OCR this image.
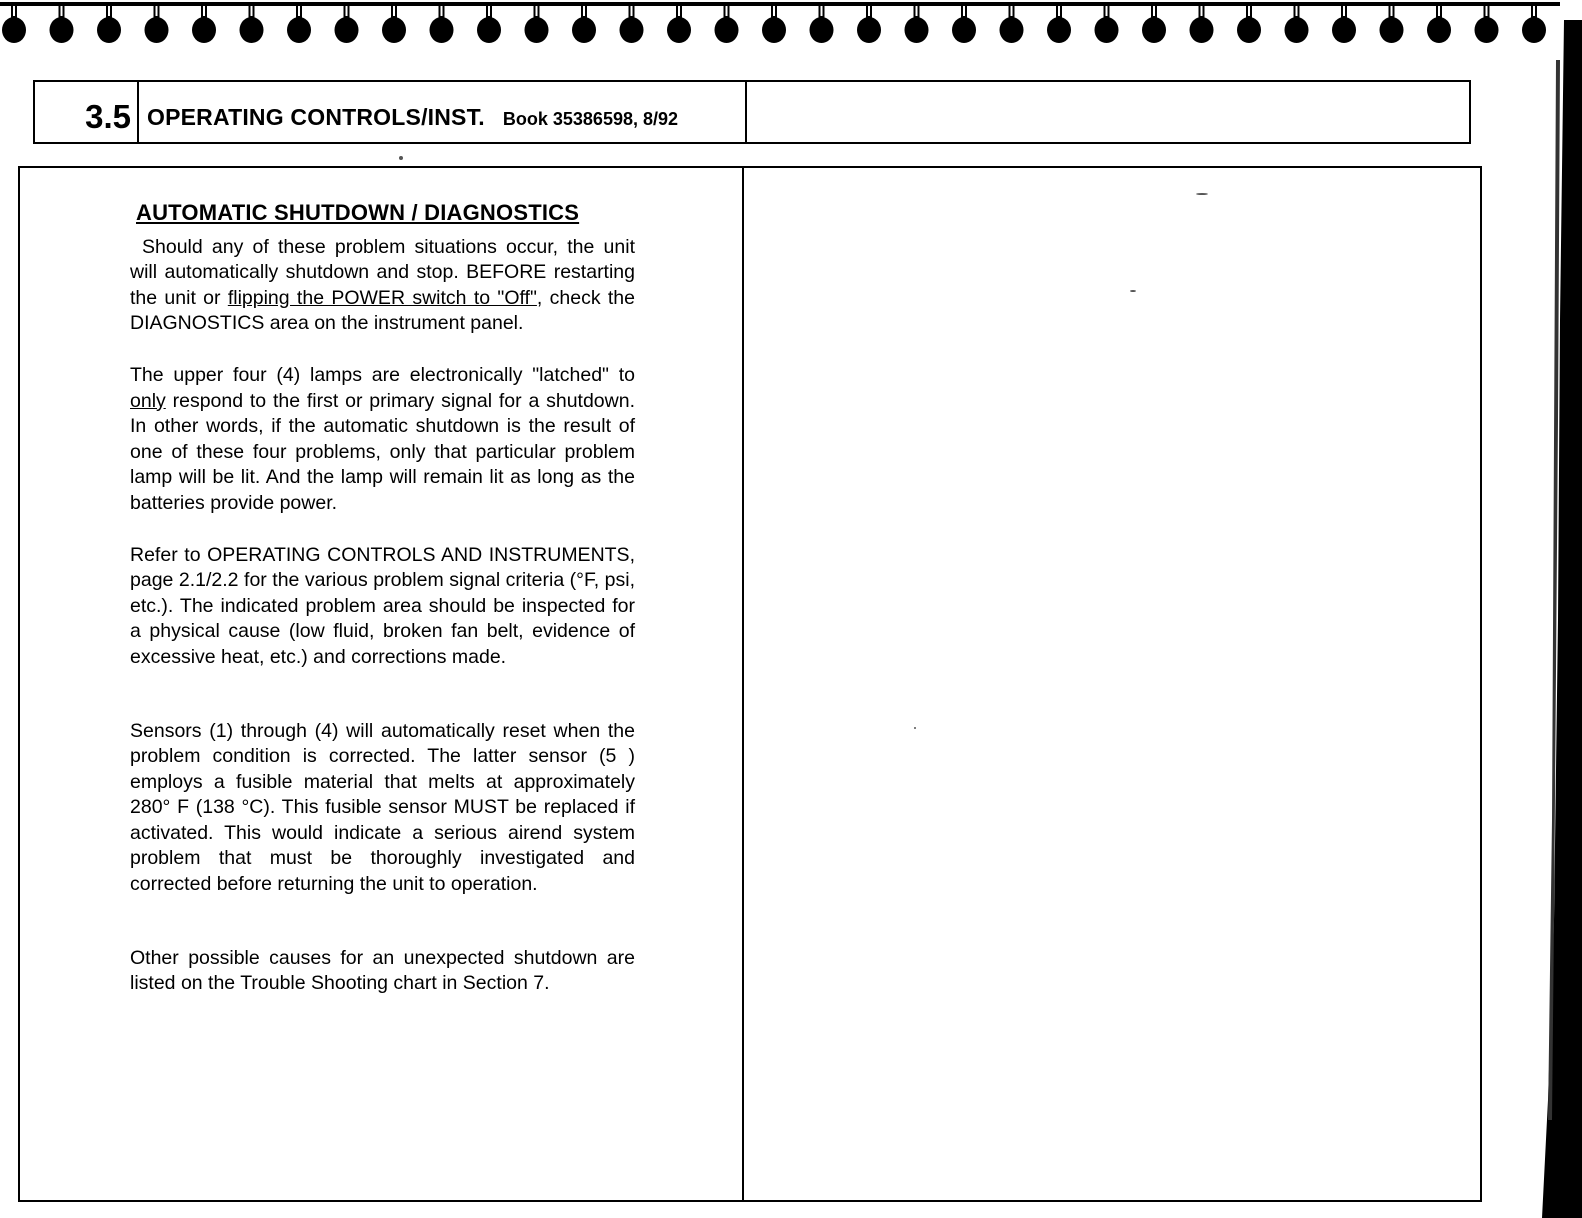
3.5 OPERATING CONTROLS/INST. Book 35386598, 8/92
AUTOMATIC SHUTDOWN / DIAGNOSTICS

Should any of these problem situations occur, the unit will automatically shutdown and stop. BEFORE restarting the unit or flipping the POWER switch to "Off", check the DIAGNOSTICS area on the instrument panel.

The upper four (4) lamps are electronically "latched" to only respond to the first or primary signal for a shutdown. In other words, if the automatic shutdown is the result of one of these four problems, only that particular problem lamp will be lit. And the lamp will remain lit as long as the batteries provide power.

Refer to OPERATING CONTROLS AND INSTRUMENTS, page 2.1/2.2 for the various problem signal criteria (°F, psi, etc.). The indicated problem area should be inspected for a physical cause (low fluid, broken fan belt, evidence of excessive heat, etc.) and corrections made.

Sensors (1) through (4) will automatically reset when the problem condition is corrected. The latter sensor (5 ) employs a fusible material that melts at approximately 280° F (138 °C). This fusible sensor MUST be replaced if activated. This would indicate a serious airend system problem that must be thoroughly investigated and corrected before returning the unit to operation.

Other possible causes for an unexpected shutdown are listed on the Trouble Shooting chart in Section 7.
